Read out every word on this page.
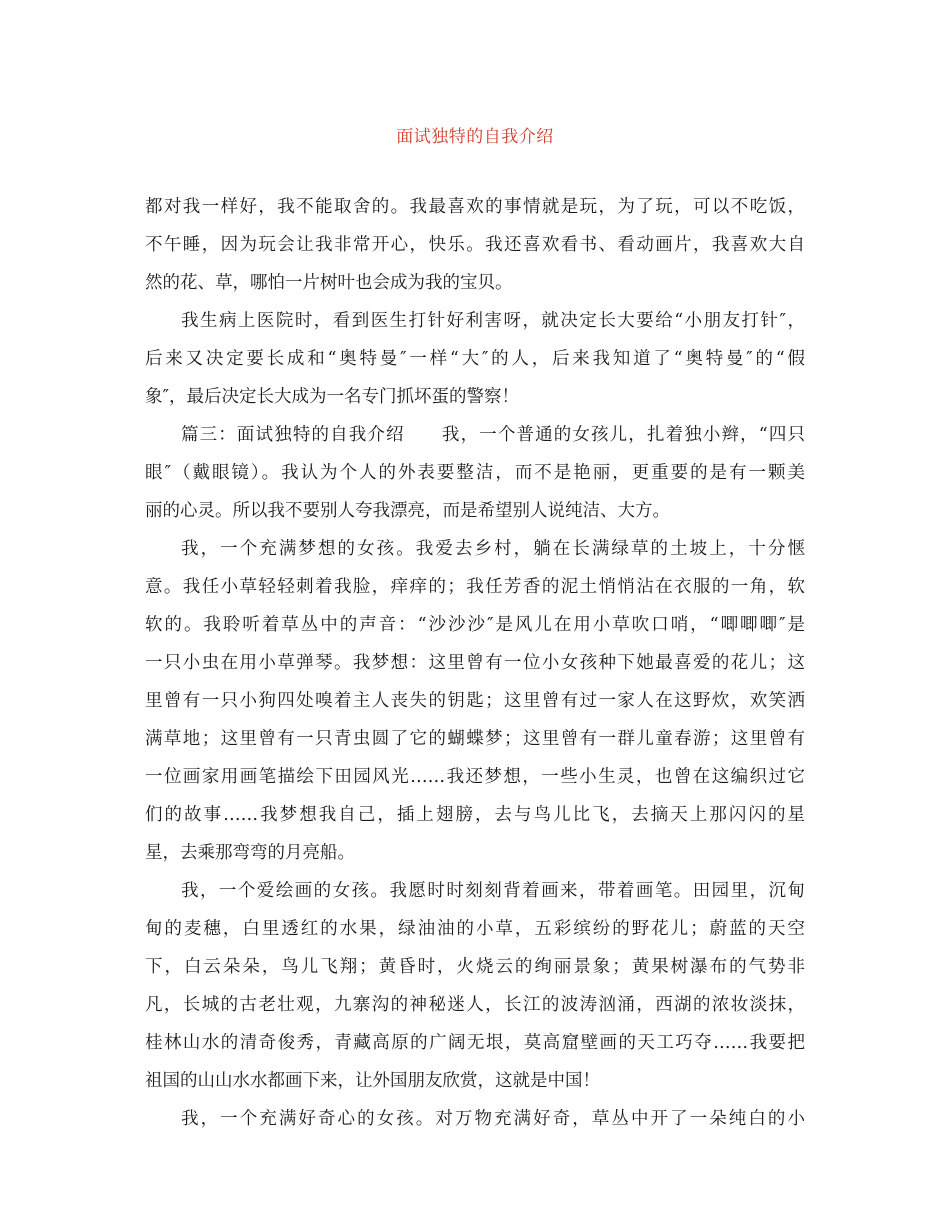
面试独特的自我介绍
都对我一样好，我不能取舍的。我最喜欢的事情就是玩，为了玩，可以不吃饭，
不午睡，因为玩会让我非常开心，快乐。我还喜欢看书、看动画片，我喜欢大自
然的花、草，哪怕一片树叶也会成为我的宝贝。
我生病上医院时，看到医生打针好利害呀，就决定长大要给“小朋友打针″，
后来又决定要长成和“奥特曼″一样“大″的人，后来我知道了“奥特曼″的“假
象″，最后决定长大成为一名专门抓坏蛋的警察！
篇三：面试独特的自我介绍　　我，一个普通的女孩儿，扎着独小辫，“四只
眼″（戴眼镜）。我认为个人的外表要整洁，而不是艳丽，更重要的是有一颗美
丽的心灵。所以我不要别人夸我漂亮，而是希望别人说纯洁、大方。
我，一个充满梦想的女孩。我爱去乡村，躺在长满绿草的土坡上，十分惬
意。我任小草轻轻刺着我脸，痒痒的；我任芳香的泥土悄悄沾在衣服的一角，软
软的。我聆听着草丛中的声音：“沙沙沙″是风儿在用小草吹口哨，“唧唧唧″是
一只小虫在用小草弹琴。我梦想：这里曾有一位小女孩种下她最喜爱的花儿；这
里曾有一只小狗四处嗅着主人丧失的钥匙；这里曾有过一家人在这野炊，欢笑洒
满草地；这里曾有一只青虫圆了它的蝴蝶梦；这里曾有一群儿童春游；这里曾有
一位画家用画笔描绘下田园风光……我还梦想，一些小生灵，也曾在这编织过它
们的故事……我梦想我自己，插上翅膀，去与鸟儿比飞，去摘天上那闪闪的星
星，去乘那弯弯的月亮船。
我，一个爱绘画的女孩。我愿时时刻刻背着画来，带着画笔。田园里，沉甸
甸的麦穗，白里透红的水果，绿油油的小草，五彩缤纷的野花儿；蔚蓝的天空
下，白云朵朵，鸟儿飞翔；黄昏时，火烧云的绚丽景象；黄果树瀑布的气势非
凡，长城的古老壮观，九寨沟的神秘迷人，长江的波涛汹涌，西湖的浓妆淡抹，
桂林山水的清奇俊秀，青藏高原的广阔无垠，莫高窟壁画的天工巧夺……我要把
祖国的山山水水都画下来，让外国朋友欣赏，这就是中国！
我，一个充满好奇心的女孩。对万物充满好奇，草丛中开了一朵纯白的小
